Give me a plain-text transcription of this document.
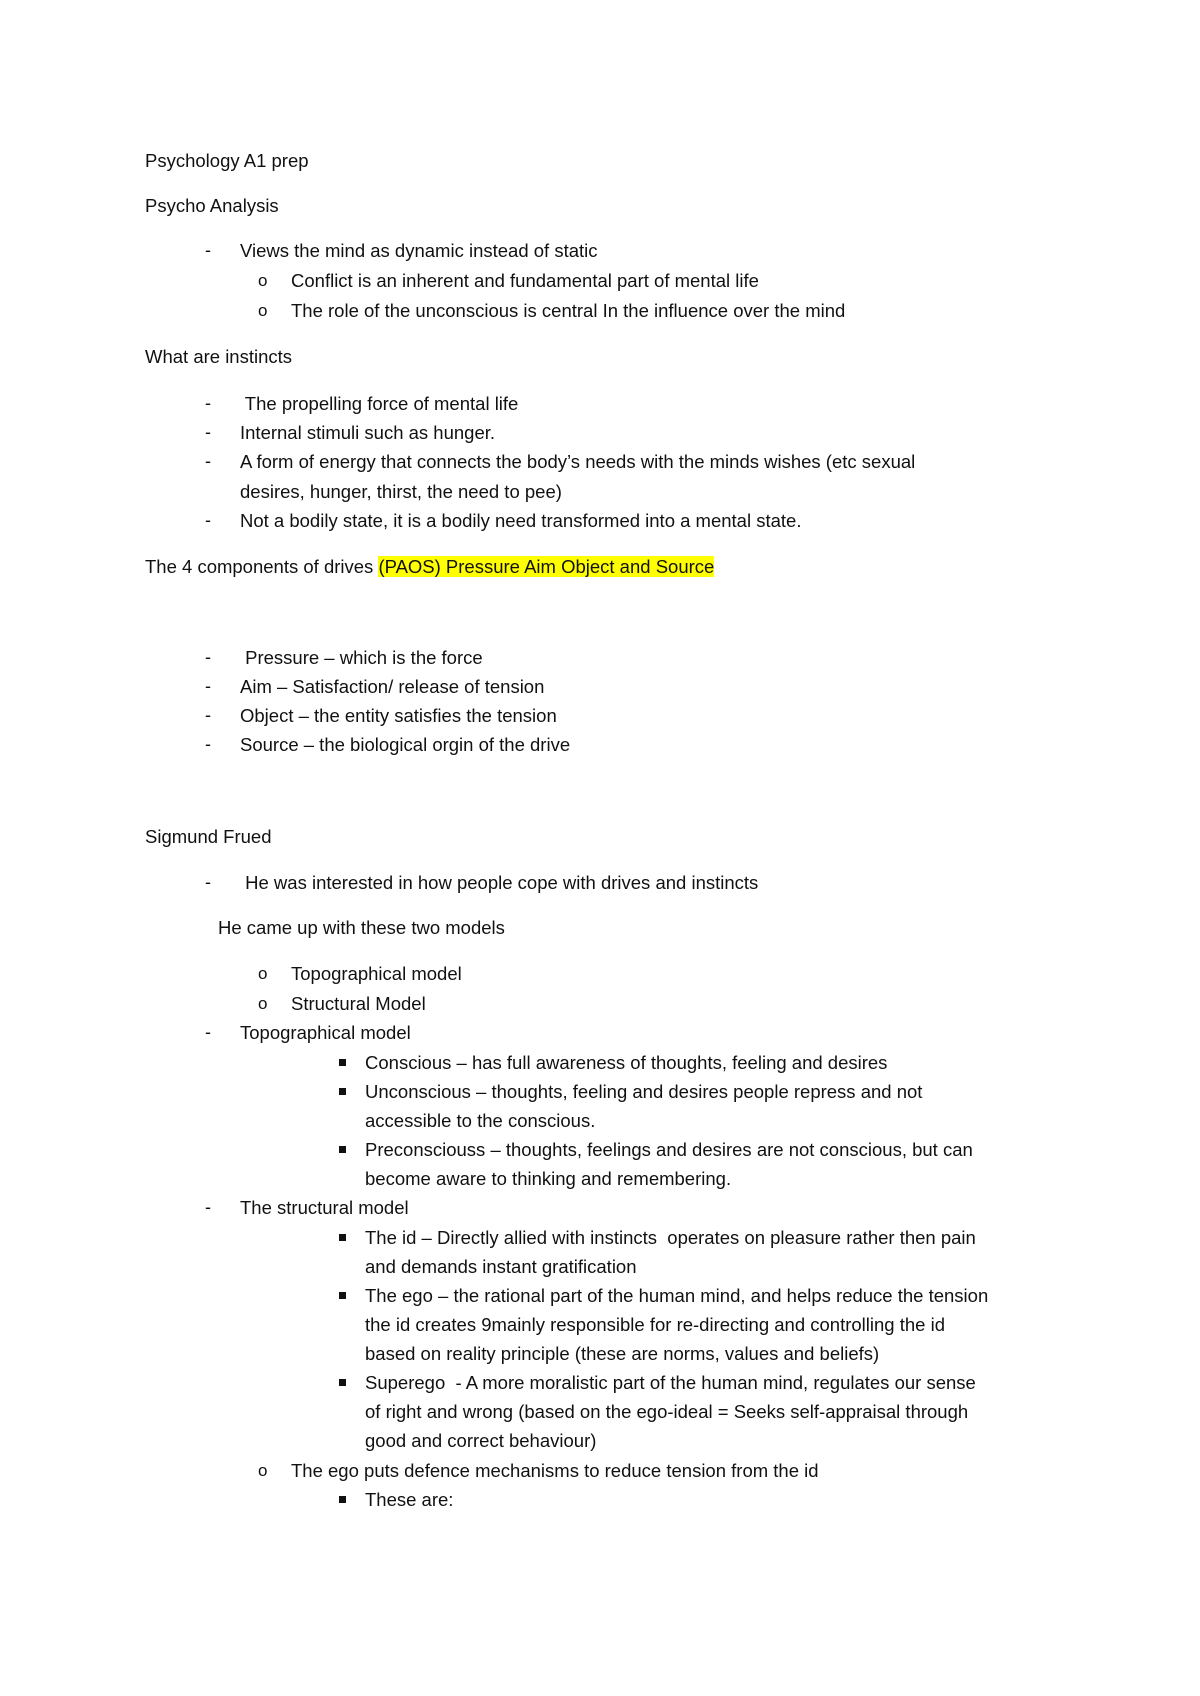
Psychology A1 prep
Psycho Analysis
- Views the mind as dynamic instead of static
o Conflict is an inherent and fundamental part of mental life
o The role of the unconscious is central In the influence over the mind
What are instincts
- The propelling force of mental life
- Internal stimuli such as hunger.
- A form of energy that connects the body’s needs with the minds wishes (etc sexual
desires, hunger, thirst, the need to pee)
- Not a bodily state, it is a bodily need transformed into a mental state.
The 4 components of drives (PAOS) Pressure Aim Object and Source
- Pressure – which is the force
- Aim – Satisfaction/ release of tension
- Object – the entity satisfies the tension
- Source – the biological orgin of the drive
Sigmund Frued
- He was interested in how people cope with drives and instincts
He came up with these two models
o Topographical model
o Structural Model
- Topographical model
Conscious – has full awareness of thoughts, feeling and desires
Unconscious – thoughts, feeling and desires people repress and not
accessible to the conscious.
Preconsciouss – thoughts, feelings and desires are not conscious, but can
become aware to thinking and remembering.
- The structural model
The id – Directly allied with instincts  operates on pleasure rather then pain
and demands instant gratification
The ego – the rational part of the human mind, and helps reduce the tension
the id creates 9mainly responsible for re-directing and controlling the id
based on reality principle (these are norms, values and beliefs)
Superego  - A more moralistic part of the human mind, regulates our sense
of right and wrong (based on the ego-ideal = Seeks self-appraisal through
good and correct behaviour)
o The ego puts defence mechanisms to reduce tension from the id
These are:
